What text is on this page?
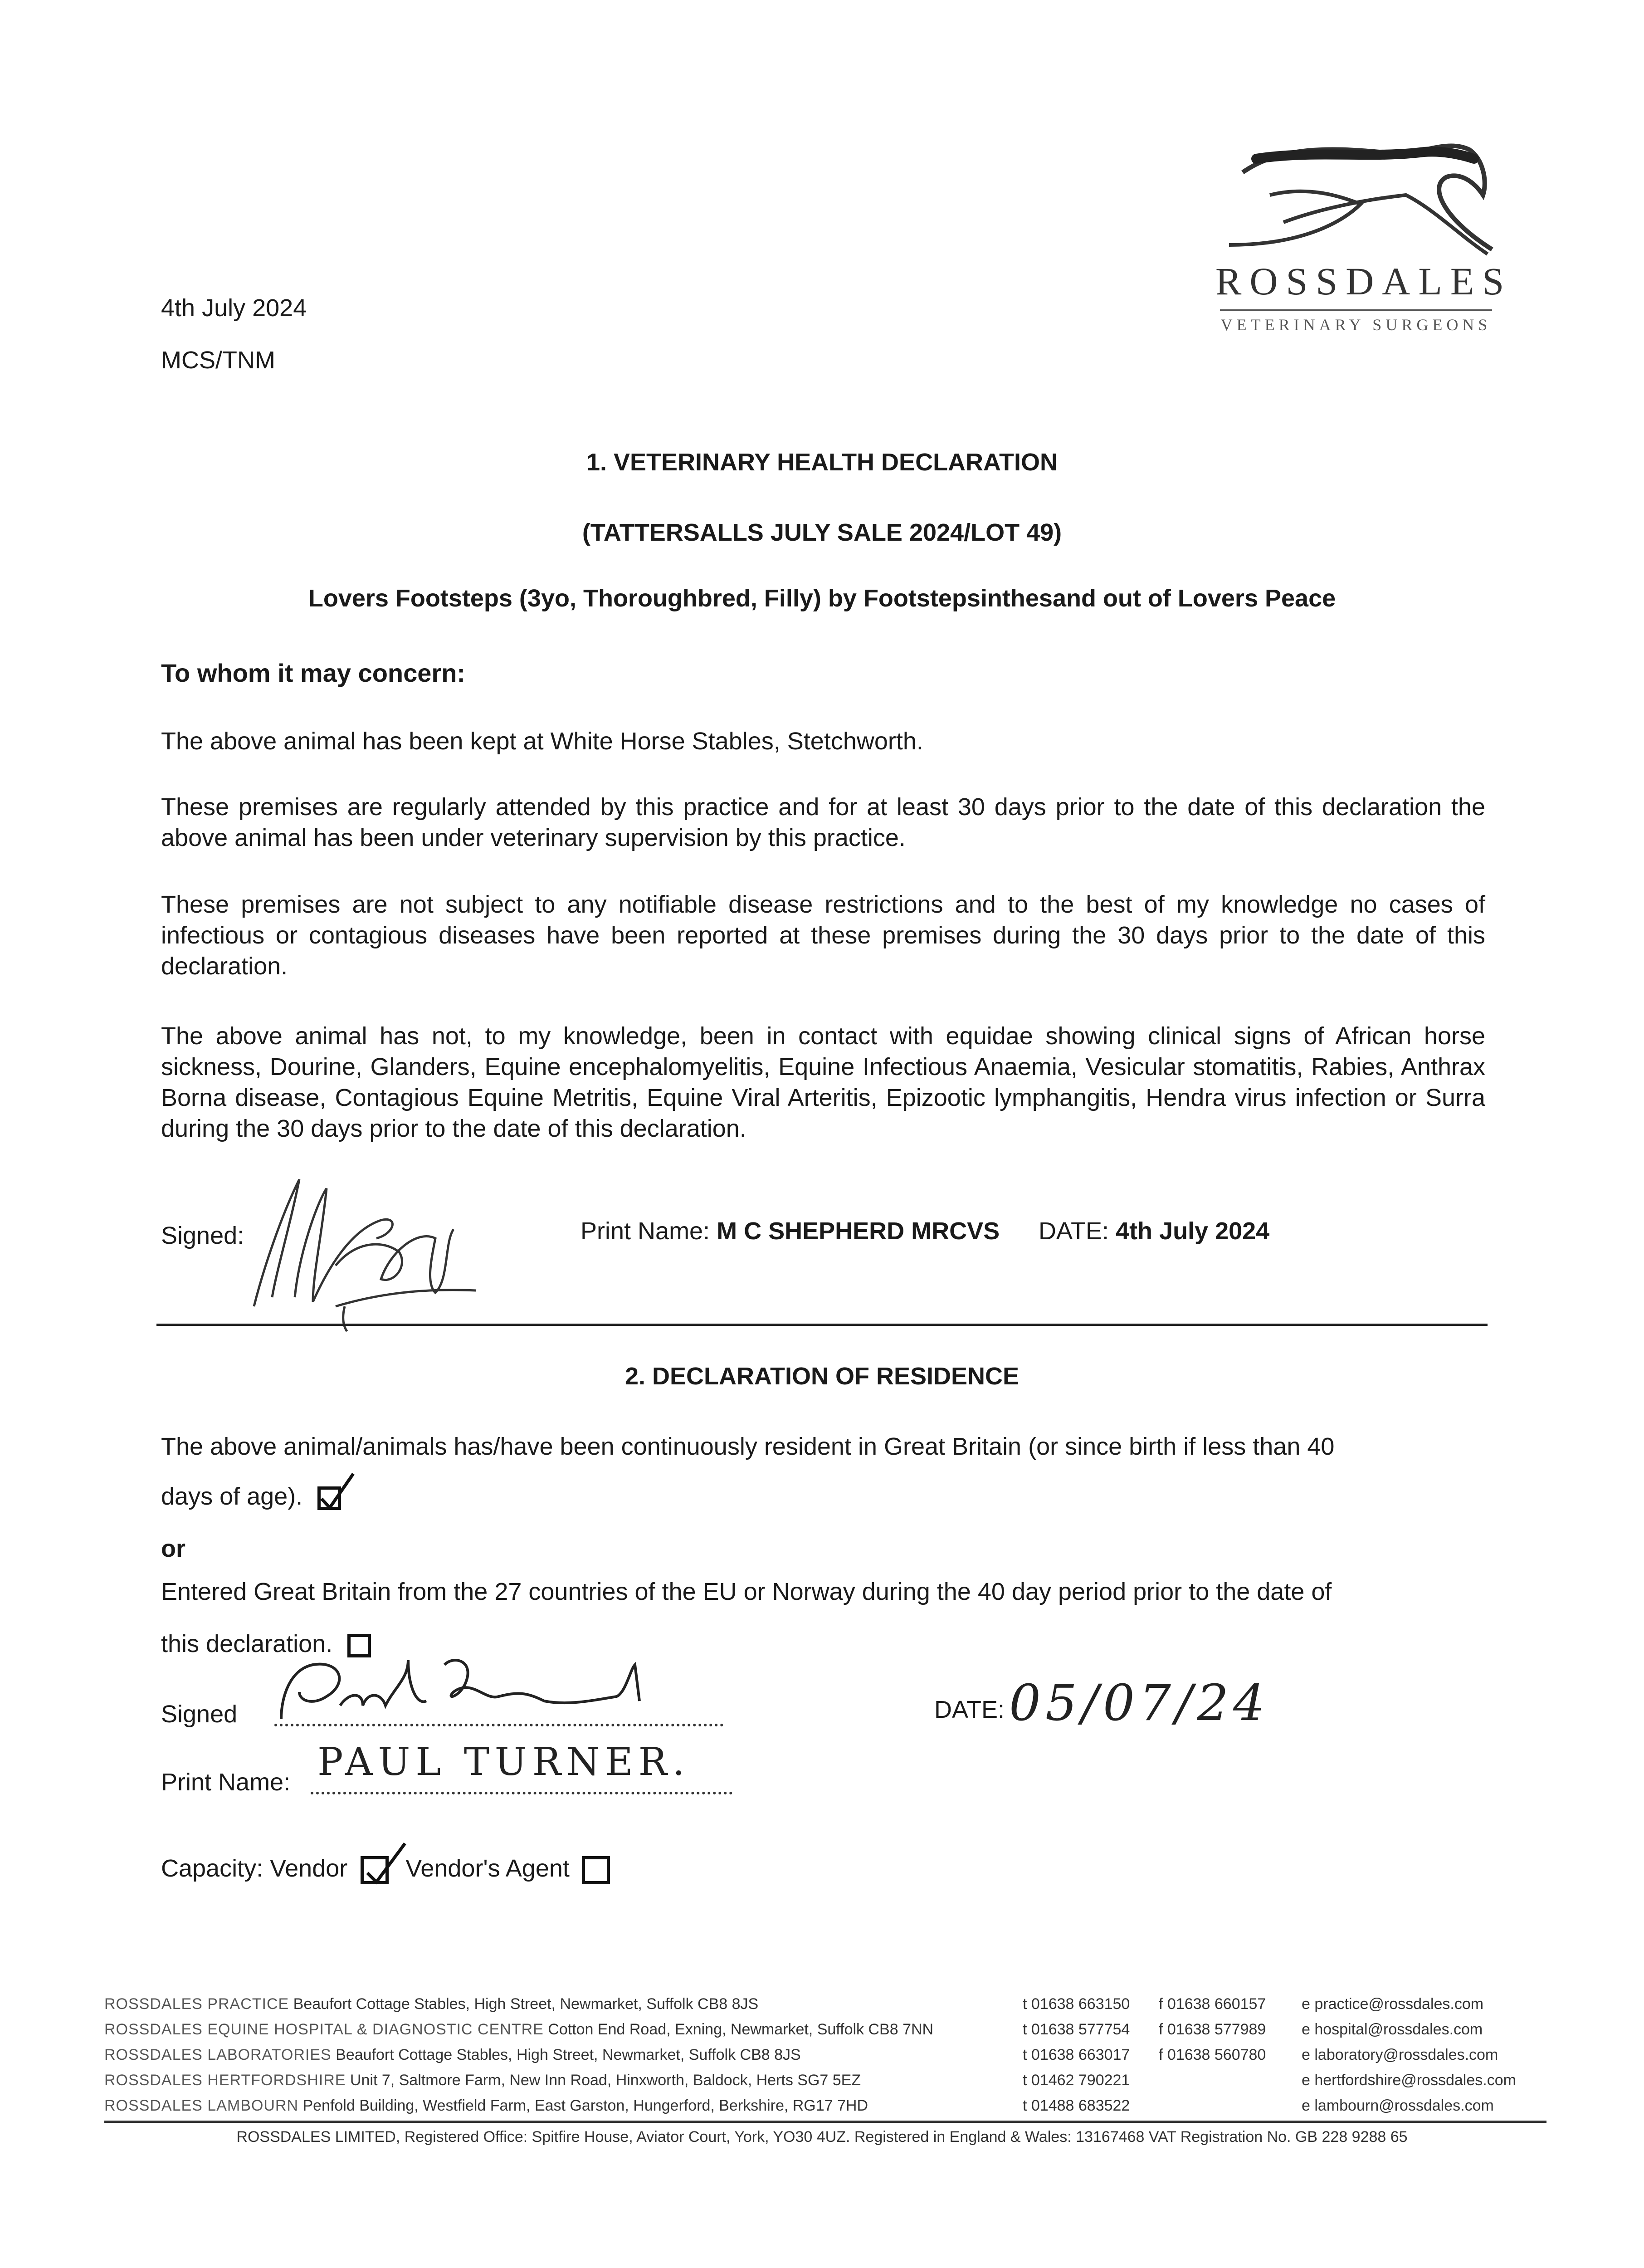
ROSSDALES
VETERINARY SURGEONS
4th July 2024
MCS/TNM
1. VETERINARY HEALTH DECLARATION
(TATTERSALLS JULY SALE 2024/LOT 49)
Lovers Footsteps (3yo, Thoroughbred, Filly) by Footstepsinthesand out of Lovers Peace
To whom it may concern:
The above animal has been kept at White Horse Stables, Stetchworth.
These premises are regularly attended by this practice and for at least 30 days prior to the date of this declaration the above animal has been under veterinary supervision by this practice.
These premises are not subject to any notifiable disease restrictions and to the best of my knowledge no cases of infectious or contagious diseases have been reported at these premises during the 30 days prior to the date of this declaration.
The above animal has not, to my knowledge, been in contact with equidae showing clinical signs of African horse sickness, Dourine, Glanders, Equine encephalomyelitis, Equine Infectious Anaemia, Vesicular stomatitis, Rabies, Anthrax Borna disease, Contagious Equine Metritis, Equine Viral Arteritis, Epizootic lymphangitis, Hendra virus infection or Surra during the 30 days prior to the date of this declaration.
Signed:	Print Name: M C SHEPHERD MRCVS DATE: 4th July 2024
2. DECLARATION OF RESIDENCE
The above animal/animals has/have been continuously resident in Great Britain (or since birth if less than 40
days of age).
or
Entered Great Britain from the 27 countries of the EU or Norway during the 40 day period prior to the date of
this declaration.
Signed	DATE: 05/07/24
Print Name: PAUL TURNER.
Capacity: Vendor Vendor's Agent
ROSSDALES PRACTICE Beaufort Cottage Stables, High Street, Newmarket, Suffolk CB8 8JS	t 01638 663150 f 01638 660157 e practice@rossdales.com
ROSSDALES EQUINE HOSPITAL & DIAGNOSTIC CENTRE Cotton End Road, Exning, Newmarket, Suffolk CB8 7NN	t 01638 577754 f 01638 577989 e hospital@rossdales.com
ROSSDALES LABORATORIES Beaufort Cottage Stables, High Street, Newmarket, Suffolk CB8 8JS	t 01638 663017 f 01638 560780 e laboratory@rossdales.com
ROSSDALES HERTFORDSHIRE Unit 7, Saltmore Farm, New Inn Road, Hinxworth, Baldock, Herts SG7 5EZ	t 01462 790221	e hertfordshire@rossdales.com
ROSSDALES LAMBOURN Penfold Building, Westfield Farm, East Garston, Hungerford, Berkshire, RG17 7HD	t 01488 683522	e lambourn@rossdales.com
ROSSDALES LIMITED, Registered Office: Spitfire House, Aviator Court, York, YO30 4UZ. Registered in England & Wales: 13167468 VAT Registration No. GB 228 9288 65
